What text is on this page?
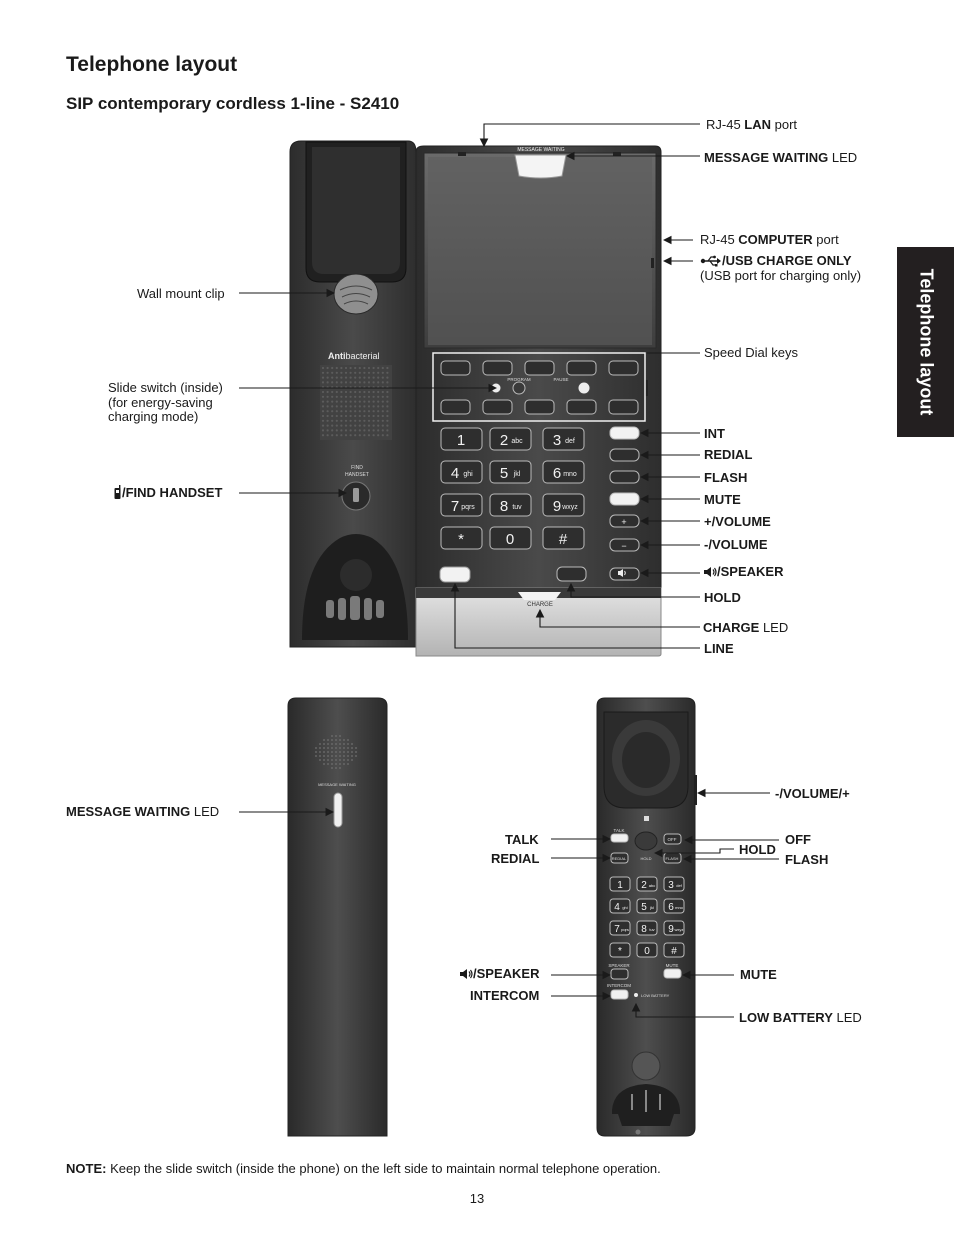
Telephone layout
SIP contemporary cordless 1-line - S2410
Telephone layout
Antibacterial
FIND
HANDSET
MESSAGE WAITING
PROGRAM	PAUSE
1 2 abc 3 def
4 ghi 5 jkl 6 mno
7 pqrs 8 tuv 9 wxyz
*	0	#
+
−
CHARGE
MESSAGE WAITING
TALK
OFF
REDIAL	HOLD	FLASH
1 2 abc 3 def
4 ghi 5 jkl 6 mno
7 pqrs 8 tuv 9 wxyz
* 0 #
SPEAKER	MUTE
INTERCOM
LOW BATTERY
RJ-45 LAN port
MESSAGE WAITING LED
RJ-45 COMPUTER port
/USB CHARGE ONLY
(USB port for charging only)
Wall mount clip
Speed Dial keys
Slide switch (inside)
(for energy-saving
charging mode)
INT
REDIAL
FLASH
MUTE
+/VOLUME
-/VOLUME
/FIND HANDSET
/SPEAKER
HOLD
CHARGE LED
LINE
MESSAGE WAITING LED
-/VOLUME/+
TALK
REDIAL
OFF
HOLD
FLASH
/SPEAKER
INTERCOM
MUTE
LOW BATTERY LED
NOTE: Keep the slide switch (inside the phone) on the left side to maintain normal telephone operation.
13
